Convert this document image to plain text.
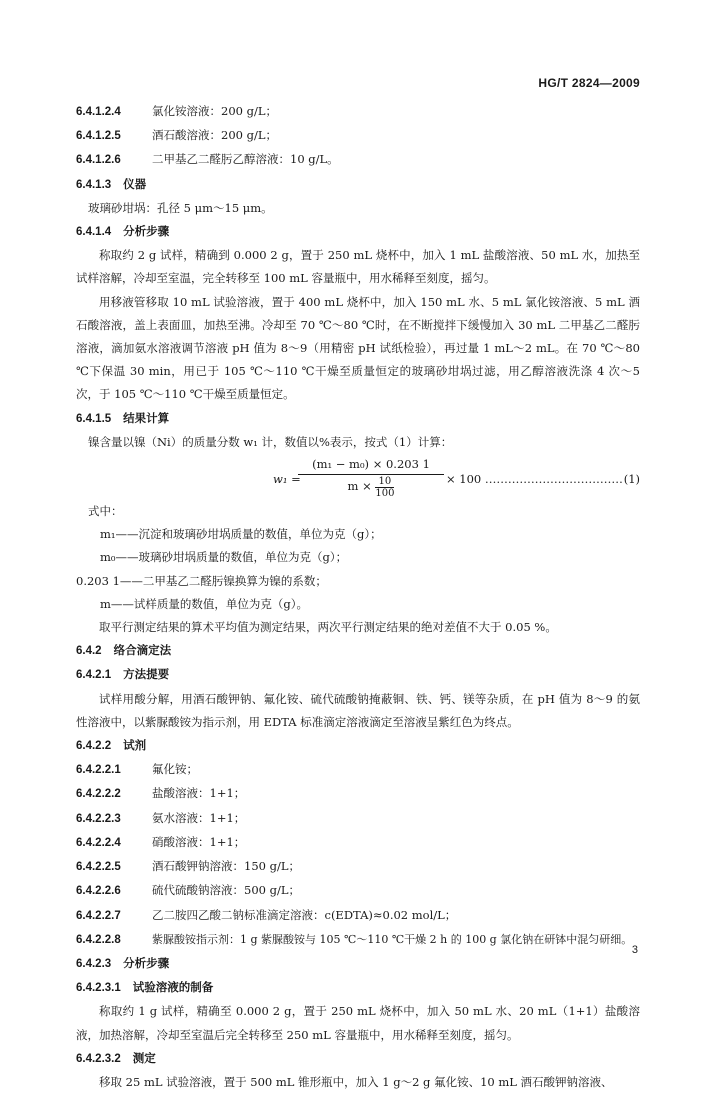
HG/T 2824—2009
6.4.1.2.4	氯化铵溶液：200 g/L；
6.4.1.2.5	酒石酸溶液：200 g/L；
6.4.1.2.6	二甲基乙二醛肟乙醇溶液：10 g/L。
6.4.1.3 仪器
玻璃砂坩埚：孔径 5 μm～15 μm。
6.4.1.4 分析步骤
称取约 2 g 试样，精确到 0.000 2 g，置于 250 mL 烧杯中，加入 1 mL 盐酸溶液、50 mL 水，加热至试样溶解，冷却至室温，完全转移至 100 mL 容量瓶中，用水稀释至刻度，摇匀。
用移液管移取 10 mL 试验溶液，置于 400 mL 烧杯中，加入 150 mL 水、5 mL 氯化铵溶液、5 mL 酒石酸溶液，盖上表面皿，加热至沸。冷却至 70 ℃～80 ℃时，在不断搅拌下缓慢加入 30 mL 二甲基乙二醛肟溶液，滴加氨水溶液调节溶液 pH 值为 8～9（用精密 pH 试纸检验），再过量 1 mL～2 mL。在 70 ℃～80 ℃下保温 30 min，用已于 105 ℃～110 ℃干燥至质量恒定的玻璃砂坩埚过滤，用乙醇溶液洗涤 4 次～5 次，于 105 ℃～110 ℃干燥至质量恒定。
6.4.1.5 结果计算
镍含量以镍（Ni）的质量分数 w₁ 计，数值以%表示，按式（1）计算：
w₁ =
$\frac{\text{(m₁ − m₀) × 0.203 1}}{m \times \frac{10}{100}} \times 100$ ……………………………… (1)
式中：
m₁——沉淀和玻璃砂坩埚质量的数值，单位为克（g）；
m₀——玻璃砂坩埚质量的数值，单位为克（g）；
0.203 1——二甲基乙二醛肟镍换算为镍的系数；
m——试样质量的数值，单位为克（g）。
取平行测定结果的算术平均值为测定结果，两次平行测定结果的绝对差值不大于 0.05 %。
6.4.2 络合滴定法
6.4.2.1 方法提要
试样用酸分解，用酒石酸钾钠、氟化铵、硫代硫酸钠掩蔽铜、铁、钙、镁等杂质，在 pH 值为 8～9 的氨性溶液中，以紫脲酸铵为指示剂，用 EDTA 标准滴定溶液滴定至溶液呈紫红色为终点。
6.4.2.2 试剂
6.4.2.2.1	氟化铵；
6.4.2.2.2	盐酸溶液：1+1；
6.4.2.2.3	氨水溶液：1+1；
6.4.2.2.4	硝酸溶液：1+1；
6.4.2.2.5	酒石酸钾钠溶液：150 g/L；
6.4.2.2.6	硫代硫酸钠溶液：500 g/L；
6.4.2.2.7	乙二胺四乙酸二钠标准滴定溶液：c(EDTA)≈0.02 mol/L；
6.4.2.2.8	紫脲酸铵指示剂：1 g 紫脲酸铵与 105 ℃～110 ℃干燥 2 h 的 100 g 氯化钠在研钵中混匀研细。
6.4.2.3 分析步骤
6.4.2.3.1 试验溶液的制备
称取约 1 g 试样，精确至 0.000 2 g，置于 250 mL 烧杯中，加入 50 mL 水、20 mL（1+1）盐酸溶液，加热溶解，冷却至室温后完全转移至 250 mL 容量瓶中，用水稀释至刻度，摇匀。
6.4.2.3.2 测定
移取 25 mL 试验溶液，置于 500 mL 锥形瓶中，加入 1 g～2 g 氟化铵、10 mL 酒石酸钾钠溶液、
3
